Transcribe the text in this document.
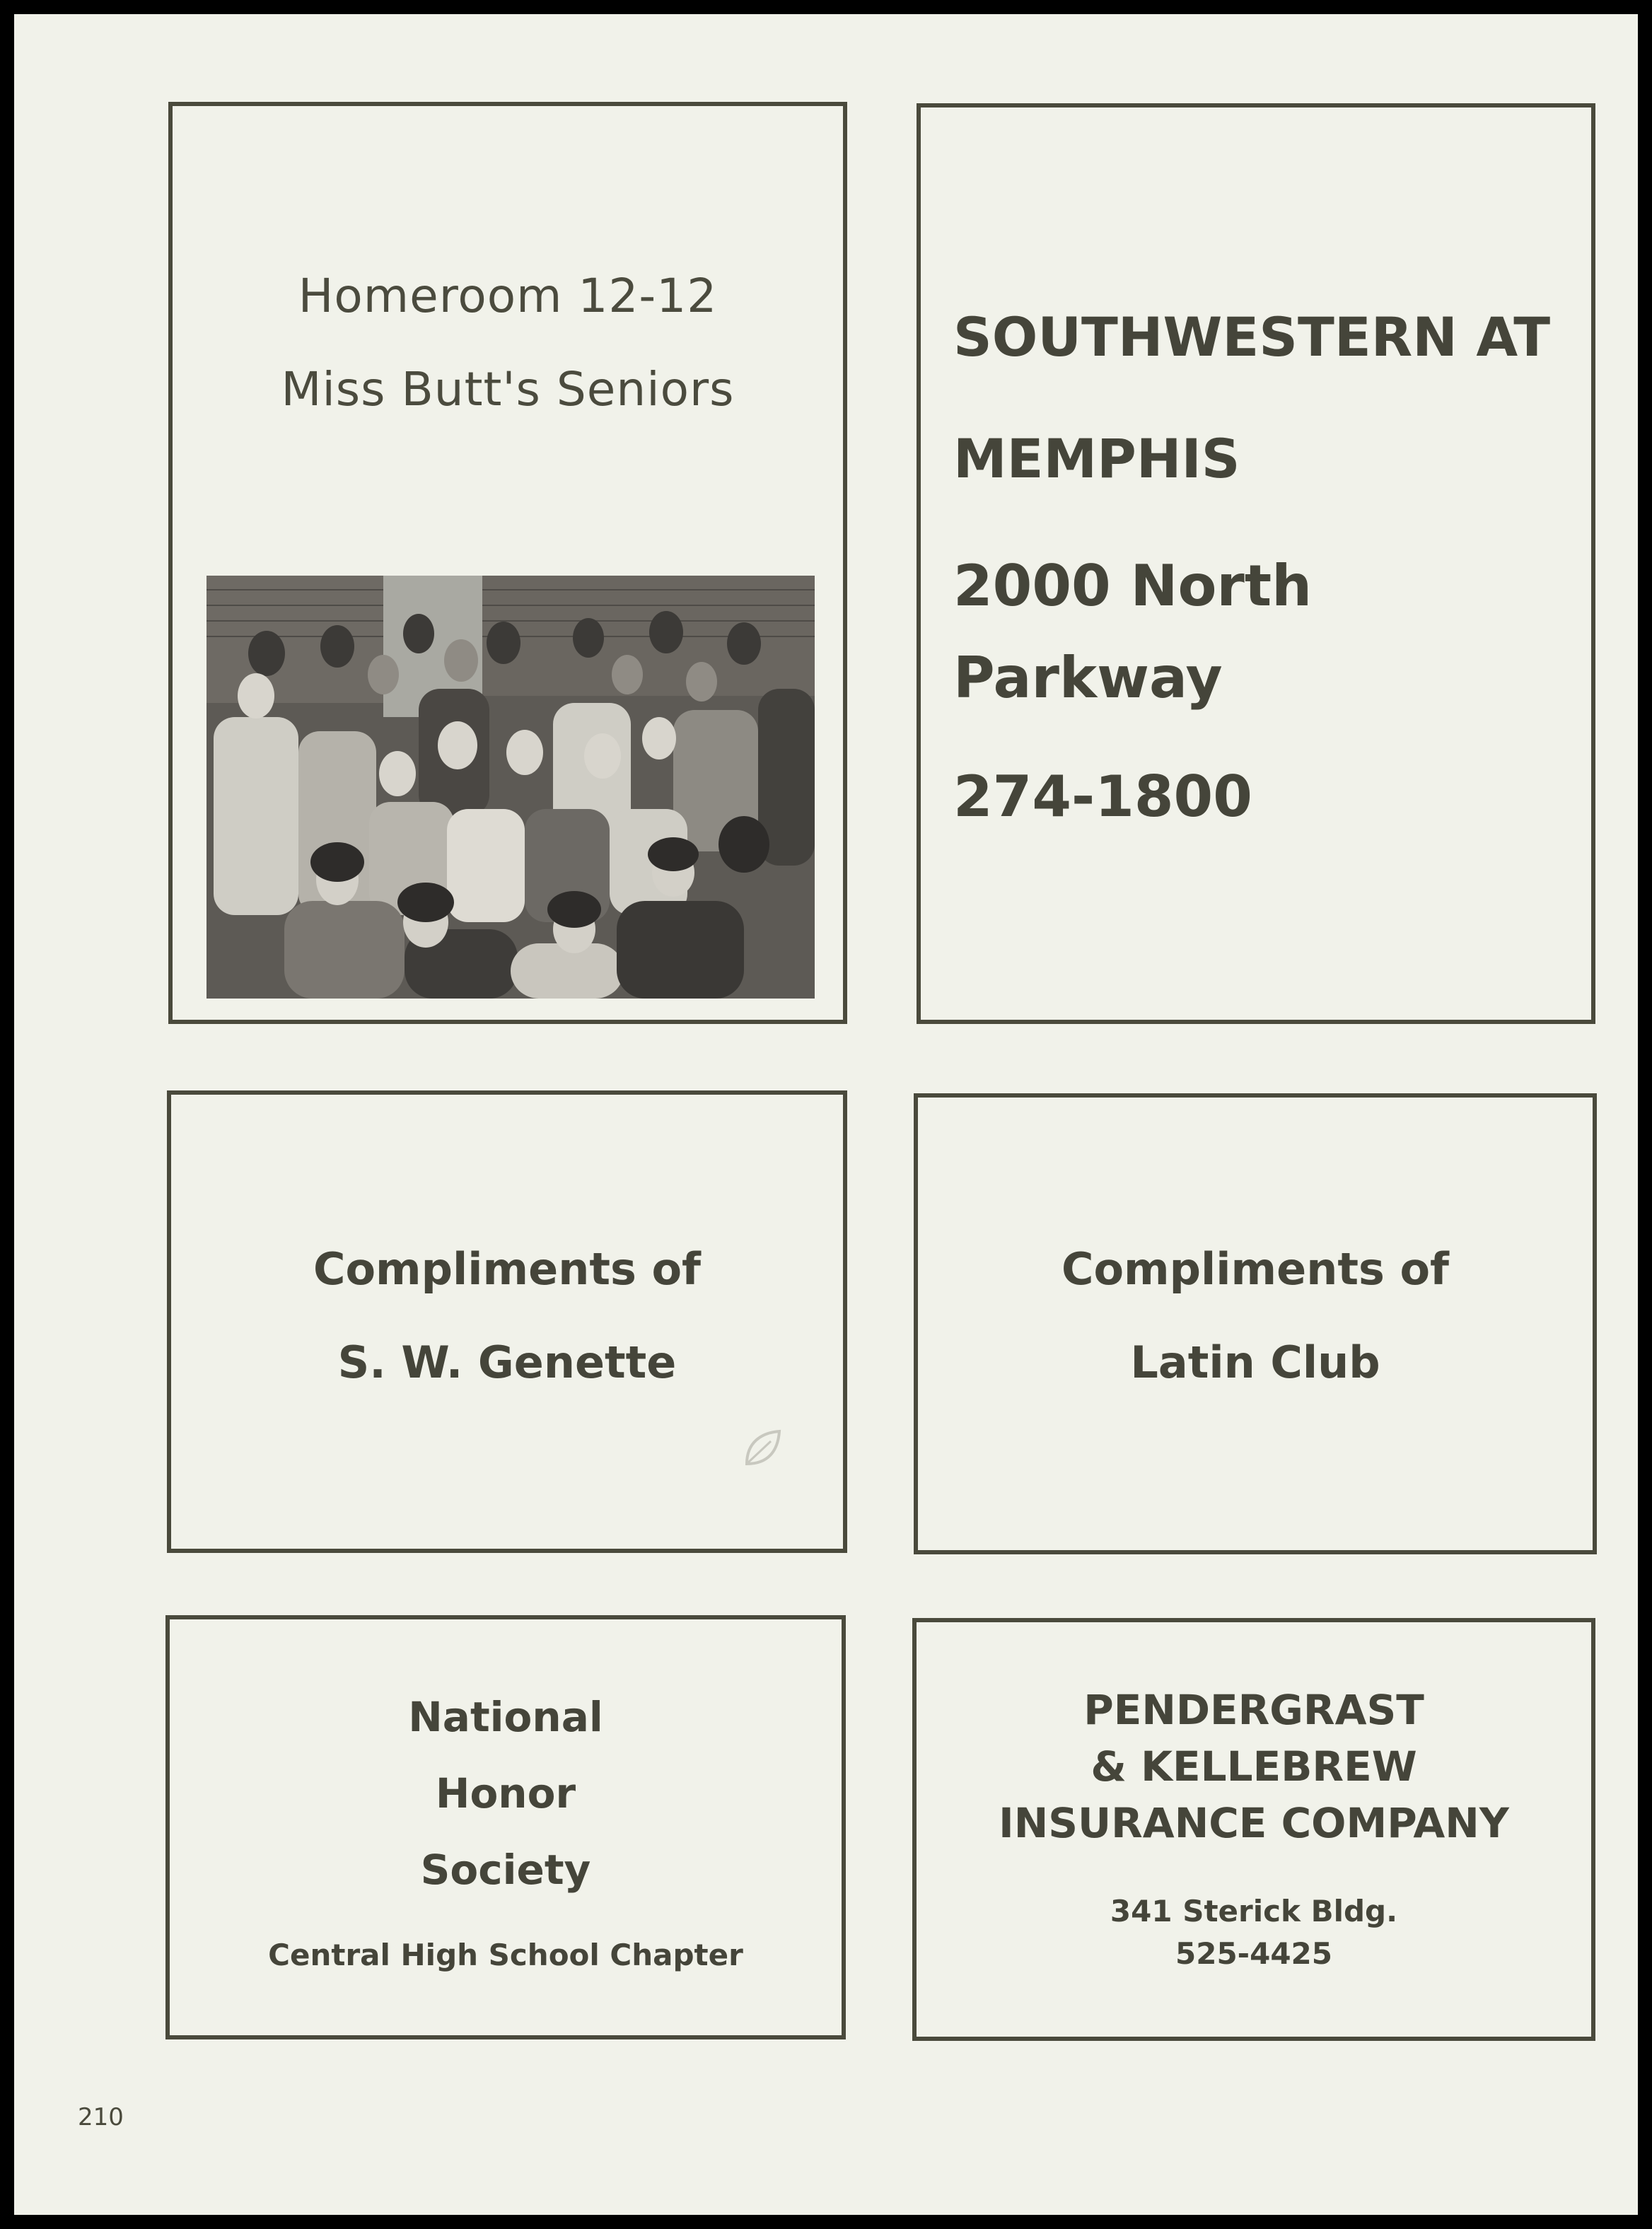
Homeroom 12-12

Miss Butt's Seniors

SOUTHWESTERN AT

MEMPHIS

2000 North

Parkway

274-1800

Compliments of

S. W. Genette

Compliments of

Latin Club

National

Honor

Society

Central High School Chapter

PENDERGRAST

& KELLEBREW

INSURANCE COMPANY

341 Sterick Bldg.

525-4425

210
